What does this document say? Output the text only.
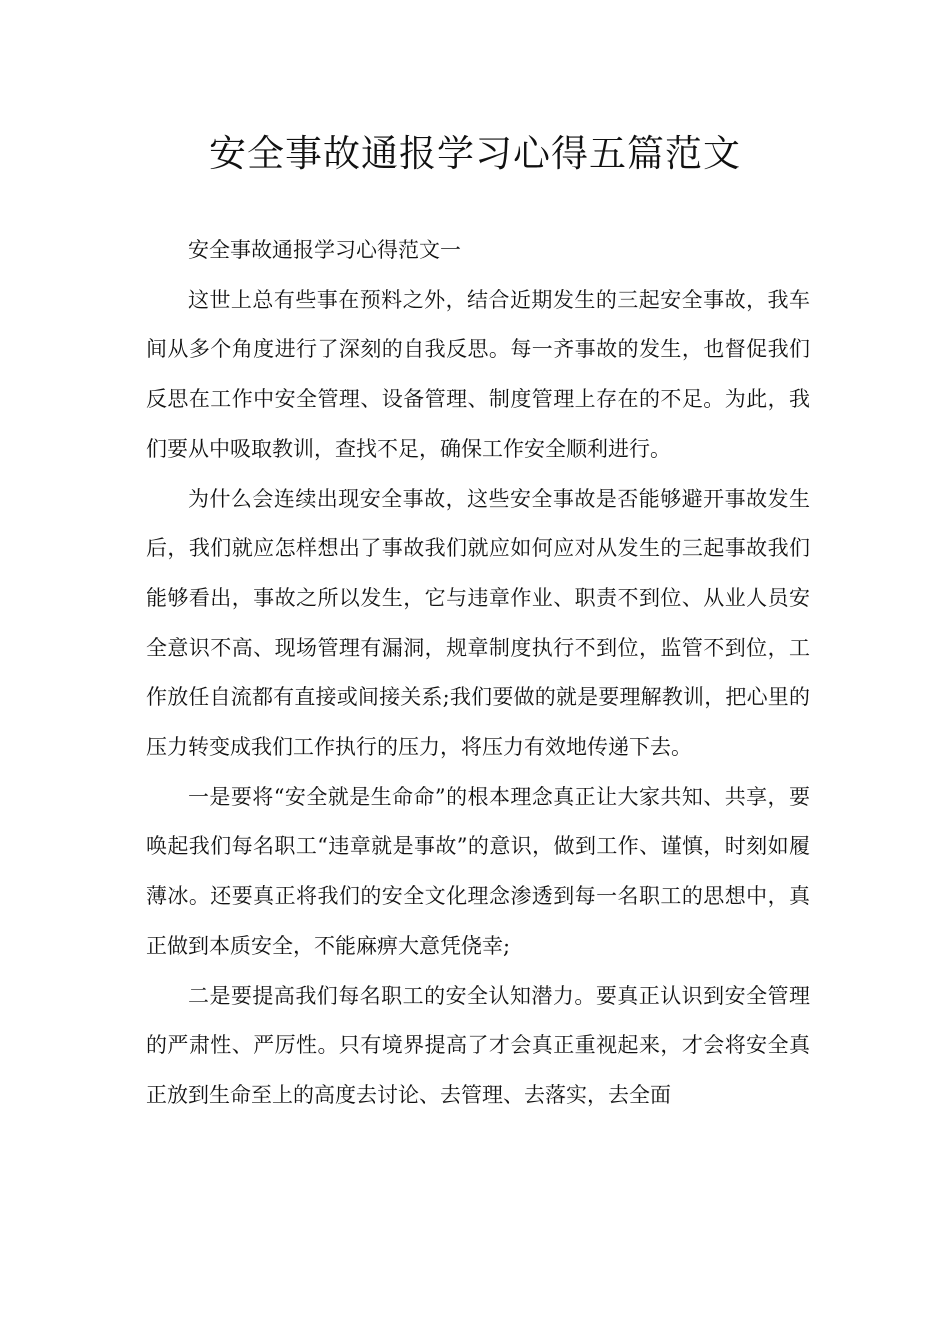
安全事故通报学习心得五篇范文

安全事故通报学习心得范文一

这世上总有些事在预料之外，结合近期发生的三起安全事故，我车间从多个角度进行了深刻的自我反思。每一齐事故的发生，也督促我们反思在工作中安全管理、设备管理、制度管理上存在的不足。为此，我们要从中吸取教训，查找不足，确保工作安全顺利进行。

为什么会连续出现安全事故，这些安全事故是否能够避开事故发生后，我们就应怎样想出了事故我们就应如何应对从发生的三起事故我们能够看出，事故之所以发生，它与违章作业、职责不到位、从业人员安全意识不高、现场管理有漏洞，规章制度执行不到位，监管不到位，工作放任自流都有直接或间接关系;我们要做的就是要理解教训，把心里的压力转变成我们工作执行的压力，将压力有效地传递下去。

一是要将“安全就是生命命”的根本理念真正让大家共知、共享，要唤起我们每名职工“违章就是事故”的意识，做到工作、谨慎，时刻如履薄冰。还要真正将我们的安全文化理念渗透到每一名职工的思想中，真正做到本质安全，不能麻痹大意凭侥幸;

二是要提高我们每名职工的安全认知潜力。要真正认识到安全管理的严肃性、严厉性。只有境界提高了才会真正重视起来，才会将安全真正放到生命至上的高度去讨论、去管理、去落实，去全面
